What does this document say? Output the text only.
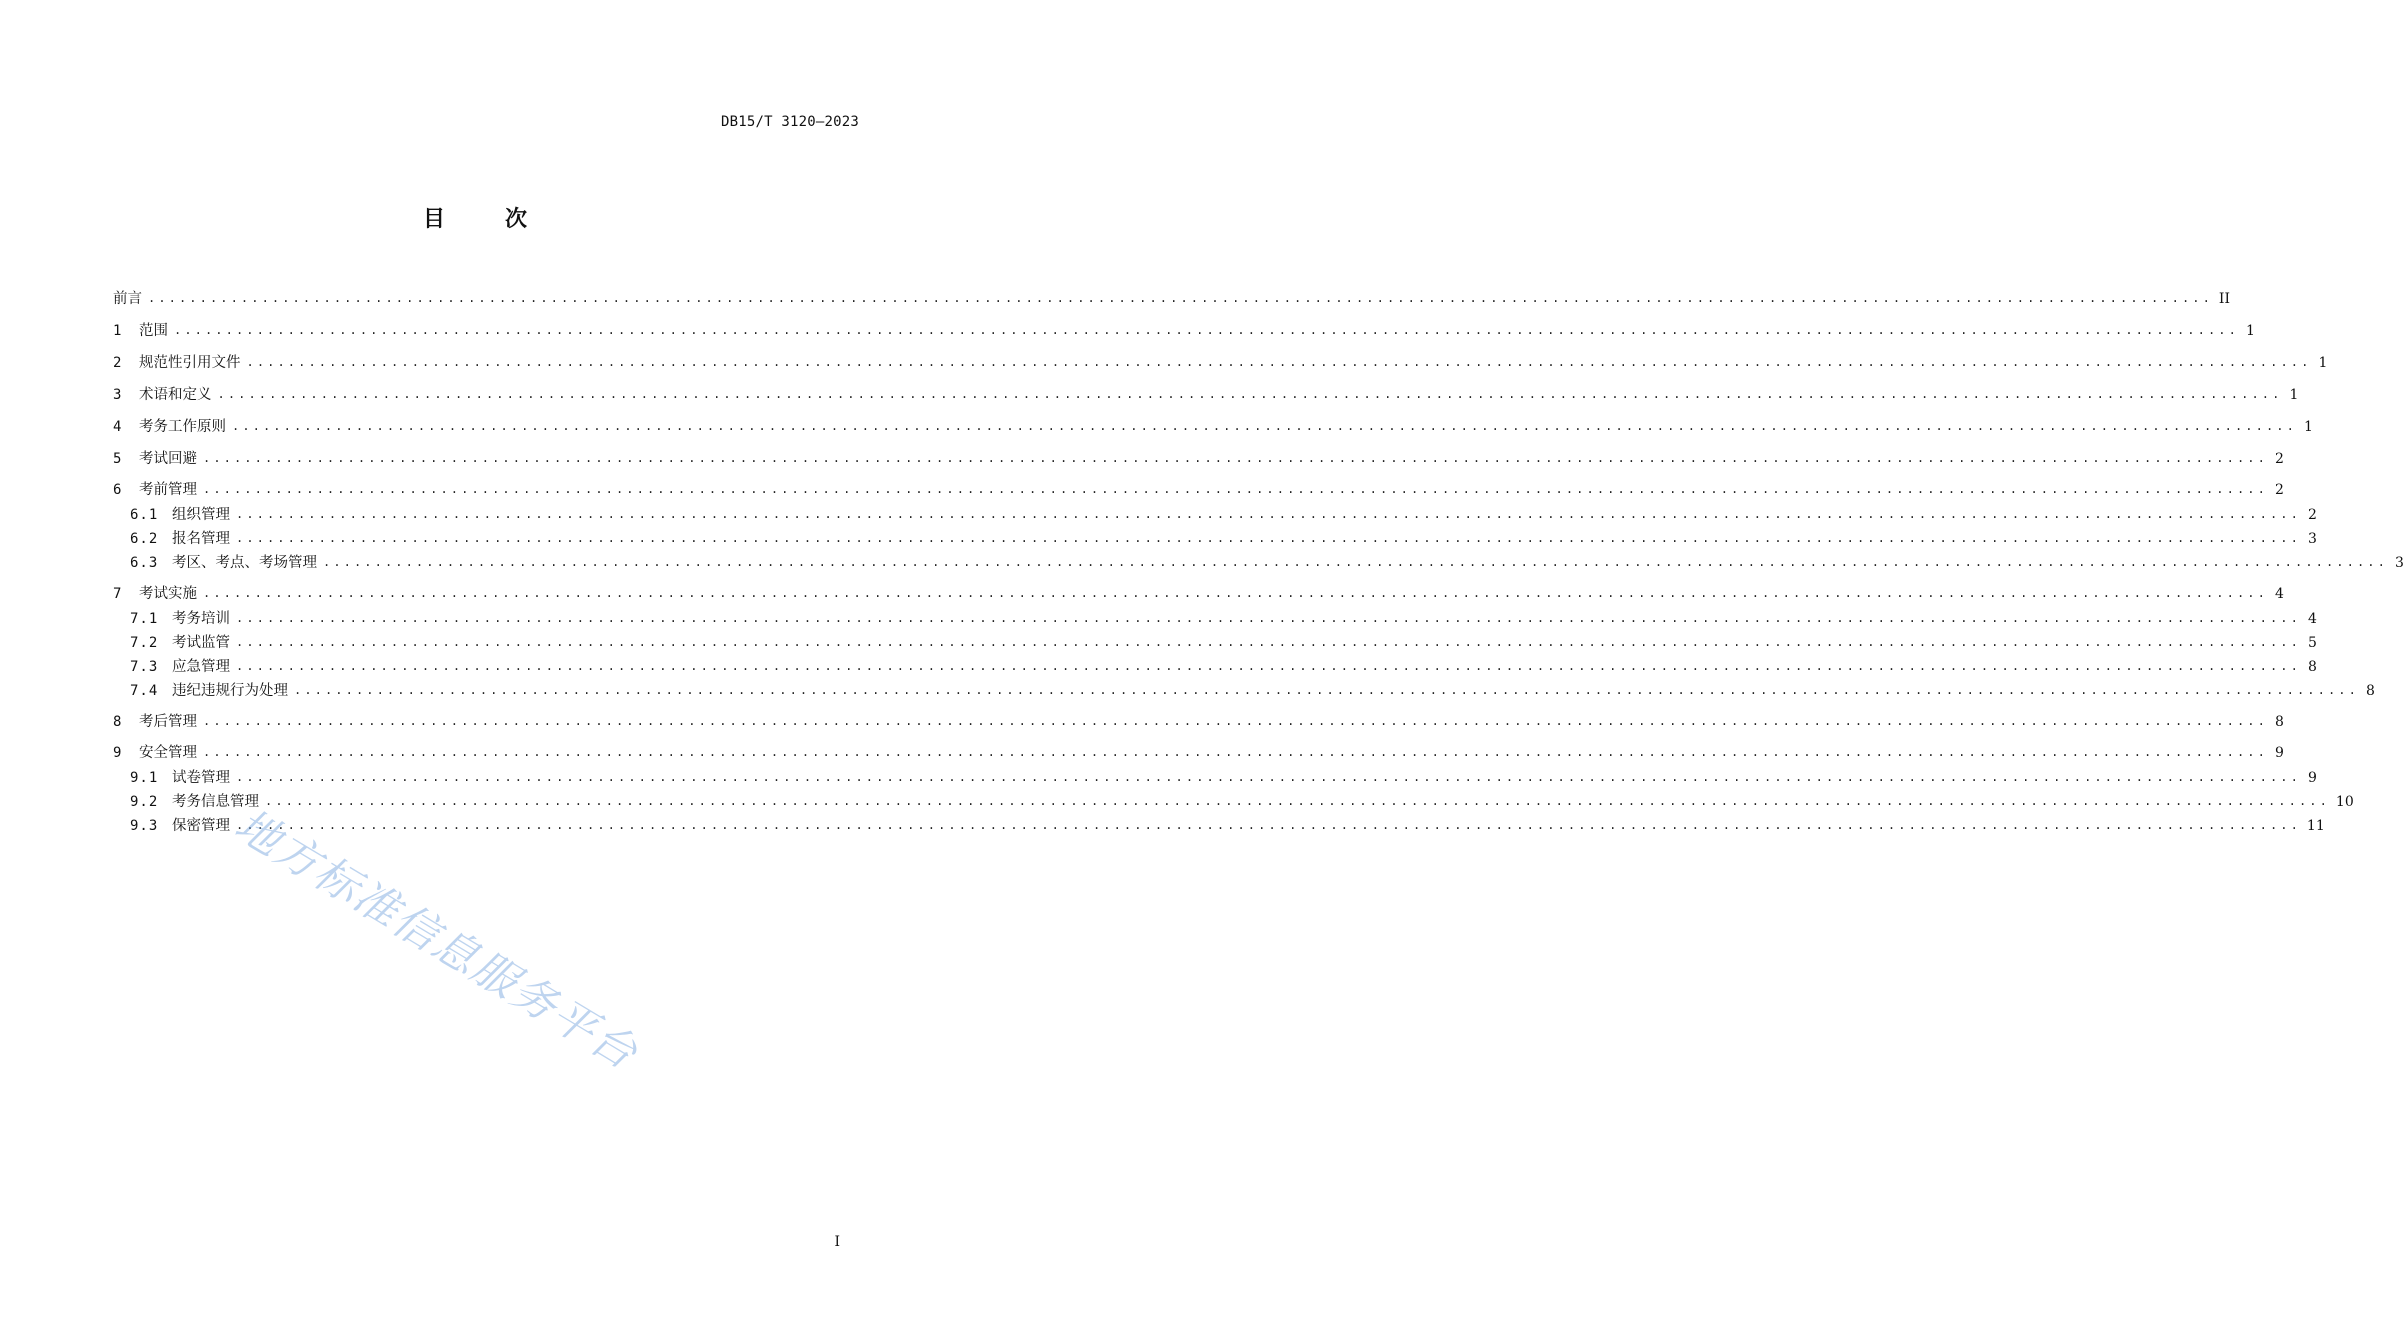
DB15/T 3120—2023
目	次
前言 ........................................................................................................................................................................................................ II
1	范围 ........................................................................................................................................................................................................ 1
2	规范性引用文件 ........................................................................................................................................................................................................ 1
3	术语和定义 ........................................................................................................................................................................................................ 1
4	考务工作原则 ........................................................................................................................................................................................................ 1
5	考试回避 ........................................................................................................................................................................................................ 2
6	考前管理 ........................................................................................................................................................................................................ 2
6.1 组织管理 ........................................................................................................................................................................................................ 2
6.2 报名管理 ........................................................................................................................................................................................................ 3
6.3 考区、考点、考场管理 ........................................................................................................................................................................................................ 3
7	考试实施 ........................................................................................................................................................................................................ 4
7.1 考务培训 ........................................................................................................................................................................................................ 4
7.2 考试监管 ........................................................................................................................................................................................................ 5
7.3 应急管理 ........................................................................................................................................................................................................ 8
7.4 违纪违规行为处理 ........................................................................................................................................................................................................ 8
8	考后管理 ........................................................................................................................................................................................................ 8
9	安全管理 ........................................................................................................................................................................................................ 9
9.1 试卷管理 ........................................................................................................................................................................................................ 9
9.2 考务信息管理 ........................................................................................................................................................................................................ 10
9.3 保密管理 ........................................................................................................................................................................................................ 11
地方标准信息服务平台
I
